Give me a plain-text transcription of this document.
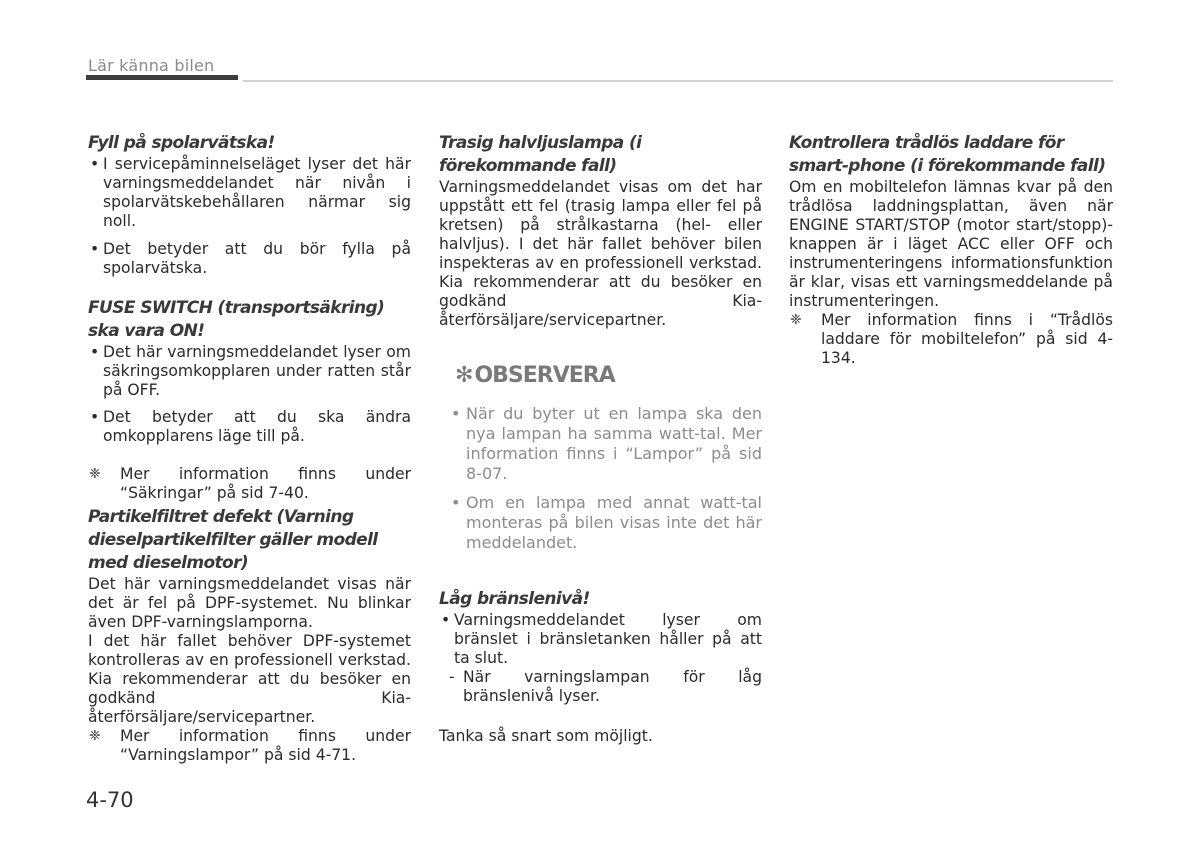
Lär känna bilen
Fyll på spolarvätska!

• I servicepåminnelseläget lyser det här varningsmeddelandet när nivån i spolarvätskebehållaren närmar sig noll.

• Det betyder att du bör fylla på spolarvätska.

FUSE SWITCH (transportsäkring)
ska vara ON!

• Det här varningsmeddelandet lyser om säkringsomkopplaren under ratten står på OFF.

• Det betyder att du ska ändra omkopplarens läge till på.

❈ Mer information finns under “Säkringar” på sid 7-40.

Partikelfiltret defekt (Varning
dieselpartikelfilter gäller modell
med dieselmotor)

Det här varningsmeddelandet visas när det är fel på DPF-systemet. Nu blinkar även DPF-varningslamporna.

I det här fallet behöver DPF-systemet kontrolleras av en professionell verkstad. Kia rekommenderar att du besöker en godkänd Kia-återförsäljare/servicepartner.

❈ Mer information finns under “Varningslampor” på sid 4-71.

Trasig halvljuslampa (i
förekommande fall)

Varningsmeddelandet visas om det har uppstått ett fel (trasig lampa eller fel på kretsen) på strålkastarna (hel- eller halvljus). I det här fallet behöver bilen inspekteras av en professionell verkstad. Kia rekommenderar att du besöker en godkänd Kia-återförsäljare/servicepartner.

✻OBSERVERA

• När du byter ut en lampa ska den nya lampan ha samma watt-tal. Mer information finns i “Lampor” på sid 8-07.

• Om en lampa med annat watt-tal monteras på bilen visas inte det här meddelandet.

Låg bränslenivå!

• Varningsmeddelandet lyser om bränslet i bränsletanken håller på att ta slut.

- När varningslampan för låg bränslenivå lyser.

Tanka så snart som möjligt.

Kontrollera trådlös laddare för
smart-phone (i förekommande fall)

Om en mobiltelefon lämnas kvar på den trådlösa laddningsplattan, även när ENGINE START/STOP (motor start/stopp)-knappen är i läget ACC eller OFF och instrumenteringens informationsfunktion är klar, visas ett varningsmeddelande på instrumenteringen.

❈ Mer information finns i “Trådlös laddare för mobiltelefon” på sid 4-134.

4-70
